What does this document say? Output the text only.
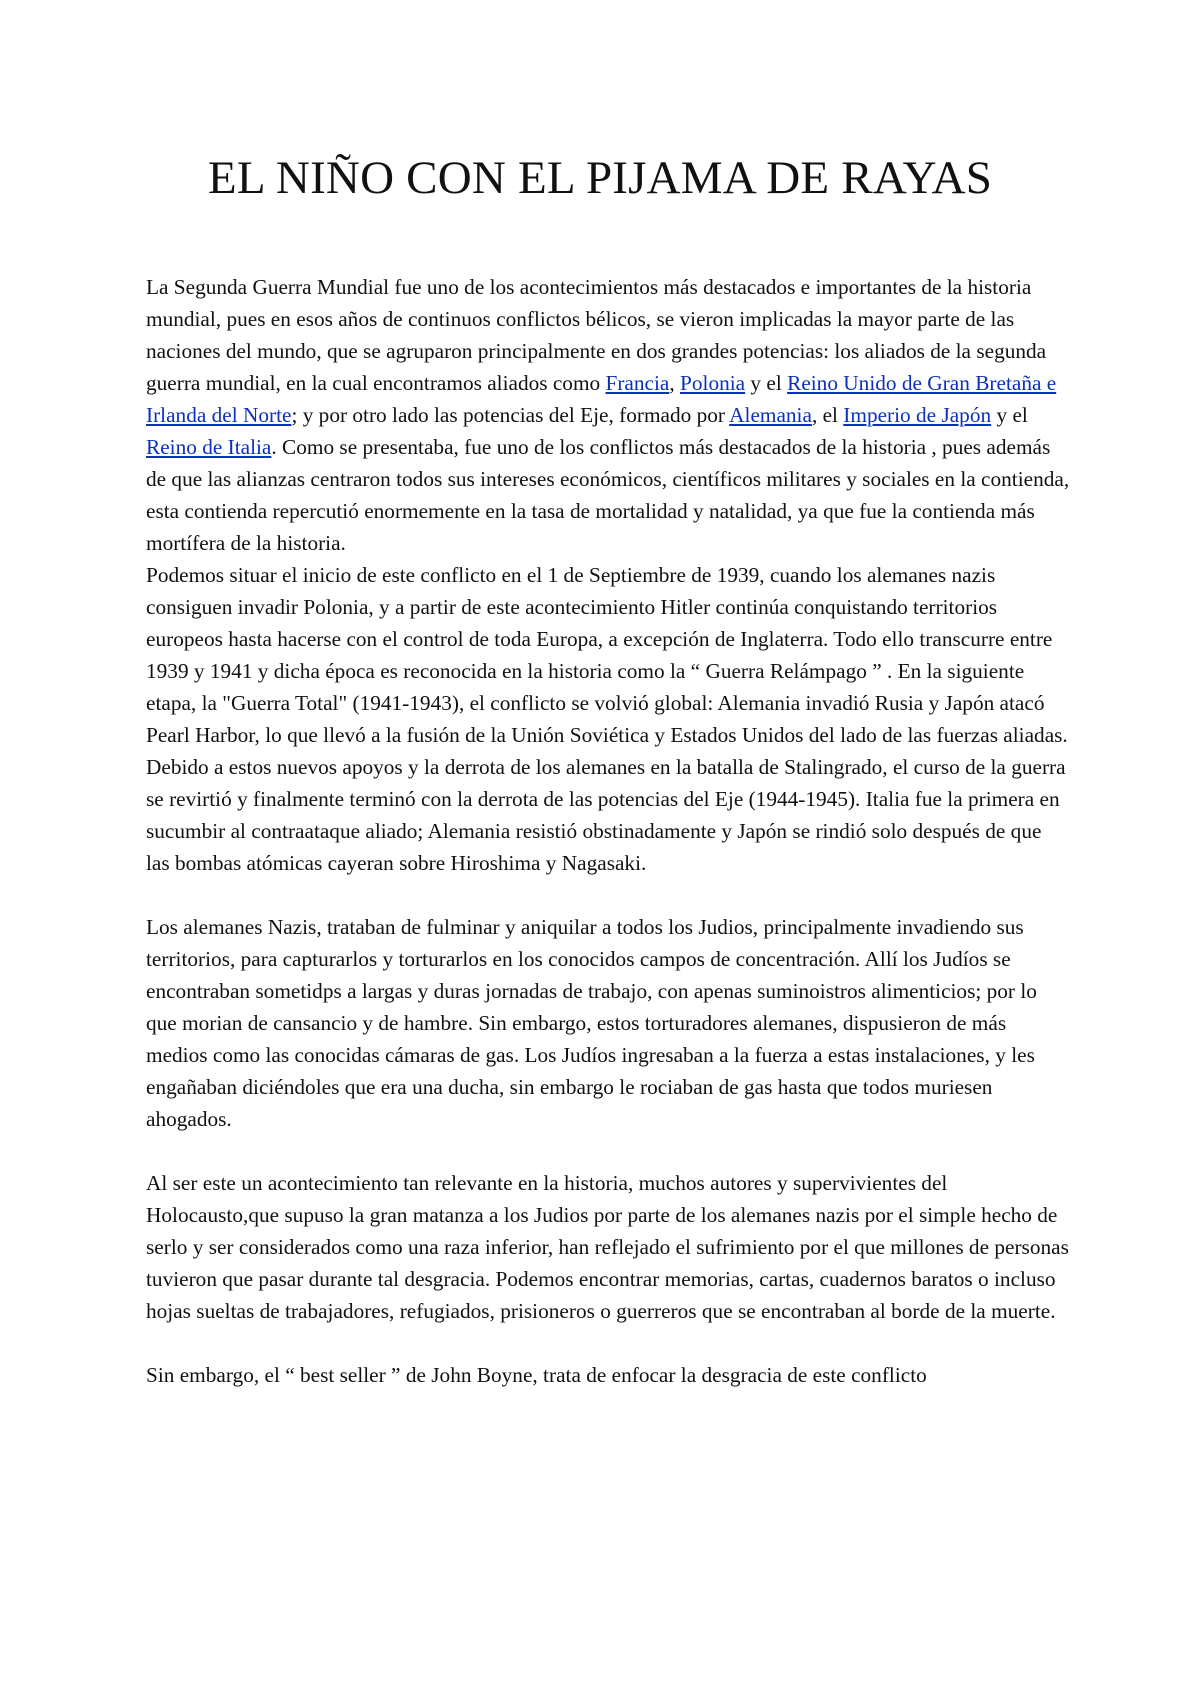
EL NIÑO CON EL PIJAMA DE RAYAS

La Segunda Guerra Mundial fue uno de los acontecimientos más destacados e importantes de la historia mundial, pues en esos años de continuos conflictos bélicos, se vieron implicadas la mayor parte de las naciones del mundo, que se agruparon principalmente en dos grandes potencias: los aliados de la segunda guerra mundial, en la cual encontramos aliados como Francia, Polonia y el Reino Unido de Gran Bretaña e Irlanda del Norte; y por otro lado las potencias del Eje, formado por Alemania, el Imperio de Japón y el Reino de Italia. Como se presentaba, fue uno de los conflictos más destacados de la historia , pues además de que las alianzas centraron todos sus intereses económicos, científicos militares y sociales en la contienda, esta contienda repercutió enormemente en la tasa de mortalidad y natalidad, ya que fue la contienda más mortífera de la historia.

Podemos situar el inicio de este conflicto en el 1 de Septiembre de 1939, cuando los alemanes nazis consiguen invadir Polonia, y a partir de este acontecimiento Hitler continúa conquistando territorios europeos hasta hacerse con el control de toda Europa, a excepción de Inglaterra. Todo ello transcurre entre 1939 y 1941 y dicha época es reconocida en la historia como la “ Guerra Relámpago ” . En la siguiente etapa, la "Guerra Total" (1941-1943), el conflicto se volvió global: Alemania invadió Rusia y Japón atacó Pearl Harbor, lo que llevó a la fusión de la Unión Soviética y Estados Unidos del lado de las fuerzas aliadas. Debido a estos nuevos apoyos y la derrota de los alemanes en la batalla de Stalingrado, el curso de la guerra se revirtió y finalmente terminó con la derrota de las potencias del Eje (1944-1945). Italia fue la primera en sucumbir al contraataque aliado; Alemania resistió obstinadamente y Japón se rindió solo después de que las bombas atómicas cayeran sobre Hiroshima y Nagasaki.

Los alemanes Nazis, trataban de fulminar y aniquilar a todos los Judios, principalmente invadiendo sus territorios, para capturarlos y torturarlos en los conocidos campos de concentración. Allí los Judíos se encontraban sometidps a largas y duras jornadas de trabajo, con apenas suminoistros alimenticios; por lo que morian de cansancio y de hambre. Sin embargo, estos torturadores alemanes, dispusieron de más medios como las conocidas cámaras de gas. Los Judíos ingresaban a la fuerza a estas instalaciones, y les engañaban diciéndoles que era una ducha, sin embargo le rociaban de gas hasta que todos muriesen ahogados.

Al ser este un acontecimiento tan relevante en la historia, muchos autores y supervivientes del Holocausto,que supuso la gran matanza a los Judios por parte de los alemanes nazis por el simple hecho de serlo y ser considerados como una raza inferior, han reflejado el sufrimiento por el que millones de personas tuvieron que pasar durante tal desgracia. Podemos encontrar memorias, cartas, cuadernos baratos o incluso hojas sueltas de trabajadores, refugiados, prisioneros o guerreros que se encontraban al borde de la muerte.

Sin embargo, el “ best seller ” de John Boyne, trata de enfocar la desgracia de este conflicto
